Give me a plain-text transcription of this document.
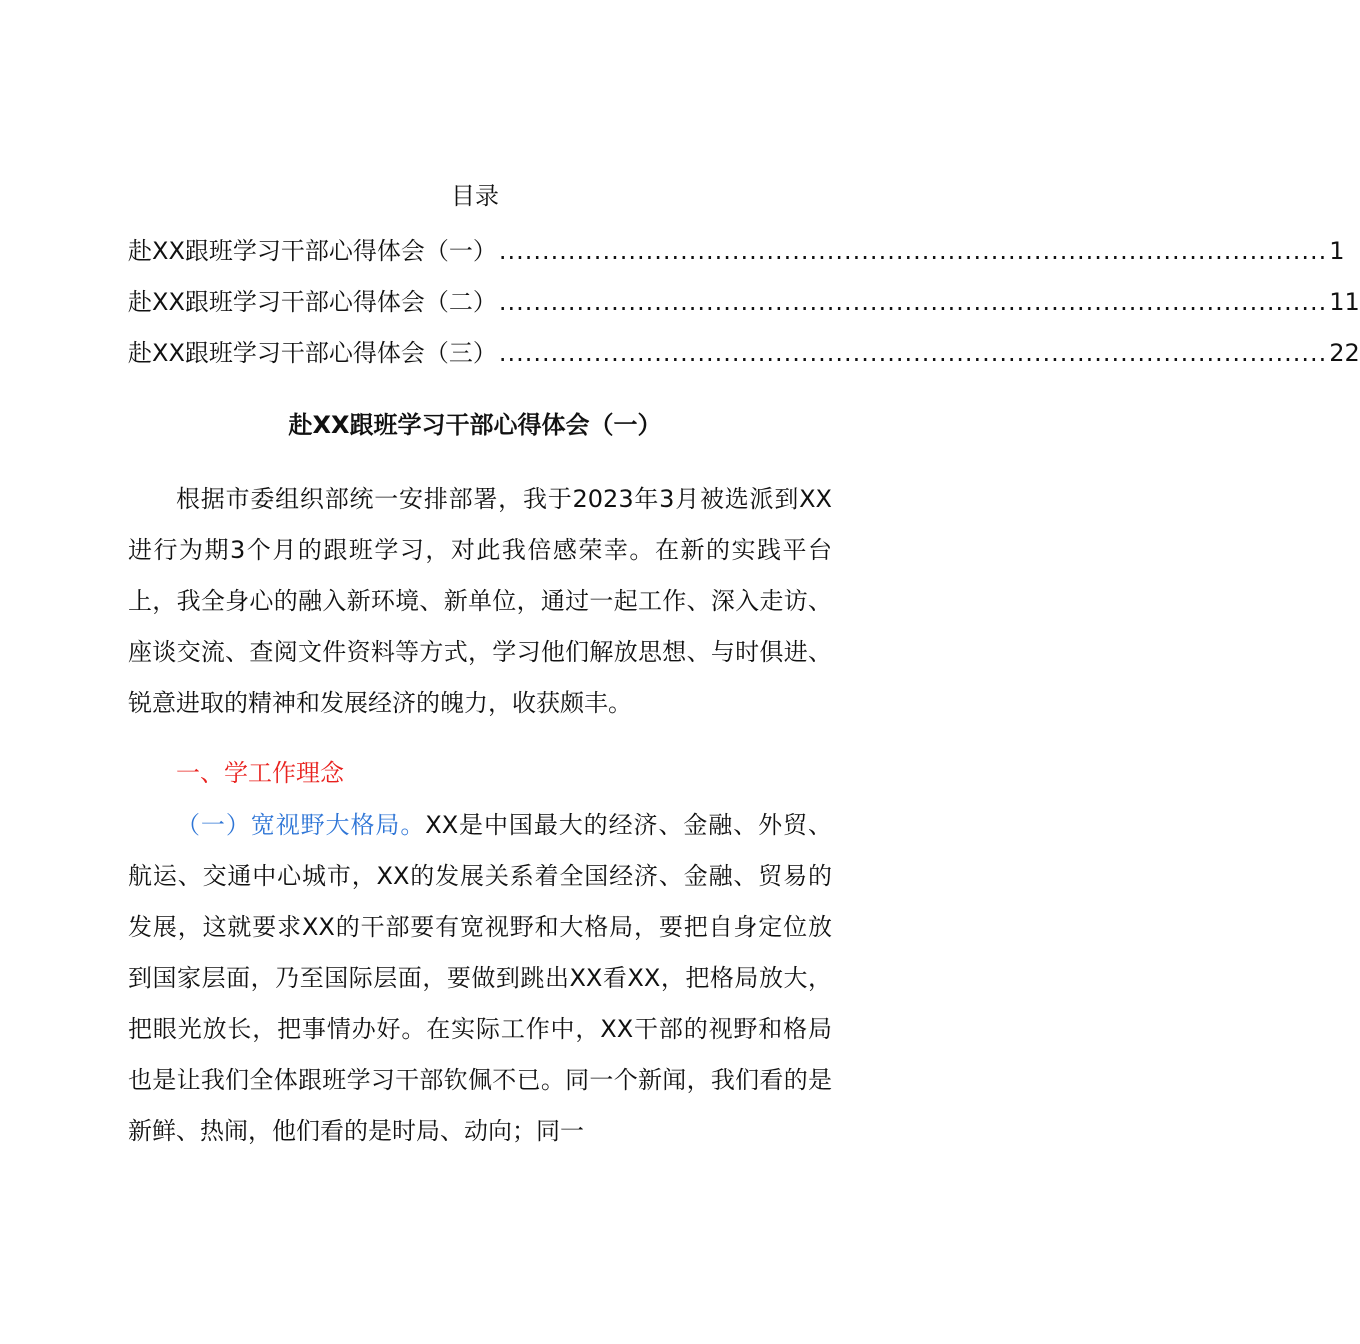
目录
赴XX跟班学习干部心得体会（一） ................................................................................................ 1
赴XX跟班学习干部心得体会（二） ................................................................................................ 11
赴XX跟班学习干部心得体会（三） ................................................................................................ 22
赴XX跟班学习干部心得体会（一）

根据市委组织部统一安排部署，我于2023年3月被选派到XX进行为期3个月的跟班学习，对此我倍感荣幸。在新的实践平台上，我全身心的融入新环境、新单位，通过一起工作、深入走访、座谈交流、查阅文件资料等方式，学习他们解放思想、与时俱进、锐意进取的精神和发展经济的魄力，收获颇丰。

一、学工作理念

（一）宽视野大格局。XX是中国最大的经济、金融、外贸、航运、交通中心城市，XX的发展关系着全国经济、金融、贸易的发展，这就要求XX的干部要有宽视野和大格局，要把自身定位放到国家层面，乃至国际层面，要做到跳出XX看XX，把格局放大，把眼光放长，把事情办好。在实际工作中，XX干部的视野和格局也是让我们全体跟班学习干部钦佩不已。同一个新闻，我们看的是新鲜、热闹，他们看的是时局、动向；同一
